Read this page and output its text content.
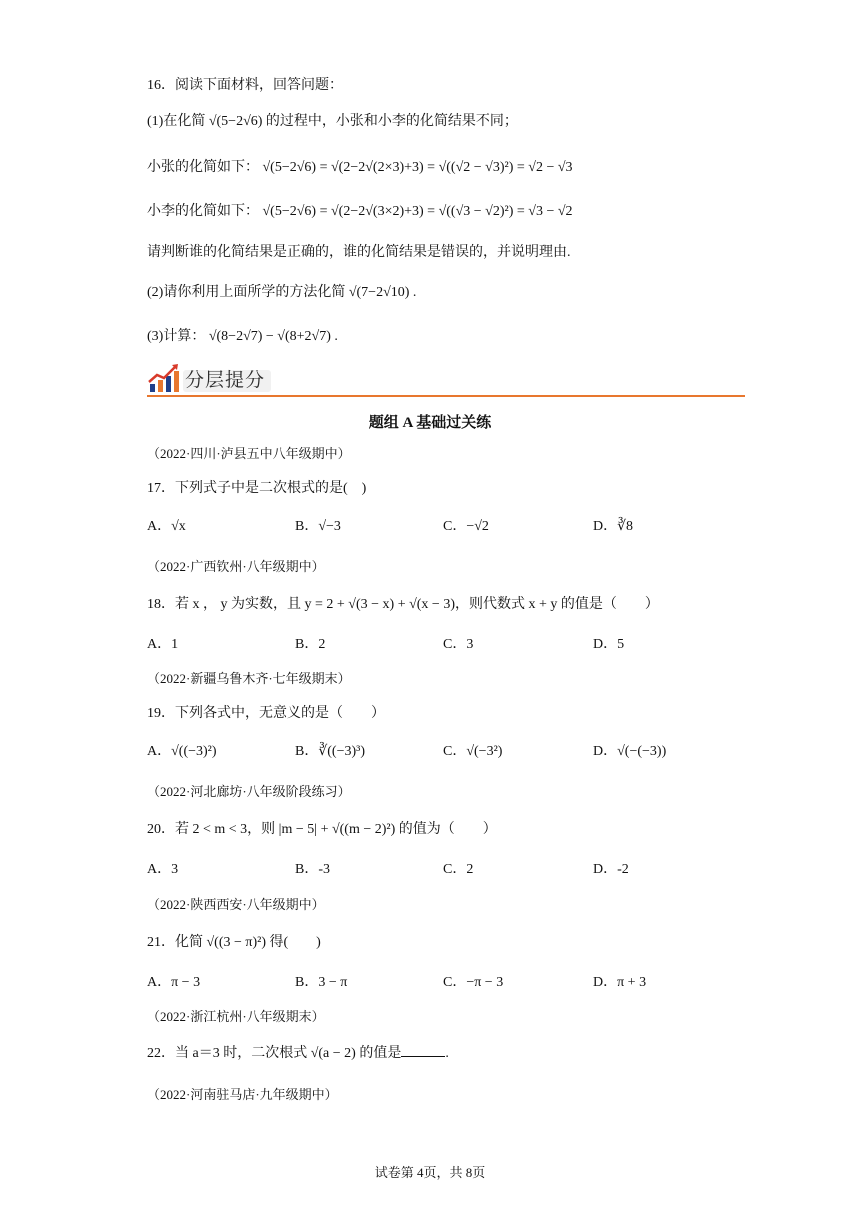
16．阅读下面材料，回答问题：
(1)在化简 √(5−2√6) 的过程中，小张和小李的化简结果不同；
小张的化简如下： √(5−2√6) = √(2−2√(2×3)+3) = √((√2 − √3)²) = √2 − √3
小李的化简如下： √(5−2√6) = √(2−2√(3×2)+3) = √((√3 − √2)²) = √3 − √2
请判断谁的化简结果是正确的，谁的化简结果是错误的，并说明理由.
(2)请你利用上面所学的方法化简 √(7−2√10) .
(3)计算： √(8−2√7) − √(8+2√7) .
分层提分
题组 A 基础过关练
（2022·四川·泸县五中八年级期中）
17．下列式子中是二次根式的是(　)
A．√x	B．√−3	C．−√2	D．∛8
（2022·广西钦州·八年级期中）
18．若 x ， y 为实数，且 y = 2 + √(3 − x) + √(x − 3)，则代数式 x + y 的值是（　　）
A．1	B．2	C．3	D．5
（2022·新疆乌鲁木齐·七年级期末）
19．下列各式中，无意义的是（　　）
A．√((−3)²)	B．∛((−3)³)	C．√(−3²)	D．√(−(−3))
（2022·河北廊坊·八年级阶段练习）
20．若 2 < m < 3，则 |m − 5| + √((m − 2)²) 的值为（　　）
A．3	B．-3	C．2	D．-2
（2022·陕西西安·八年级期中）
21．化简 √((3 − π)²) 得(　　)
A．π − 3	B．3 − π	C．−π − 3	D．π + 3
（2022·浙江杭州·八年级期末）
22．当 a＝3 时，二次根式 √(a − 2) 的值是	.
（2022·河南驻马店·九年级期中）
试卷第 4页，共 8页
